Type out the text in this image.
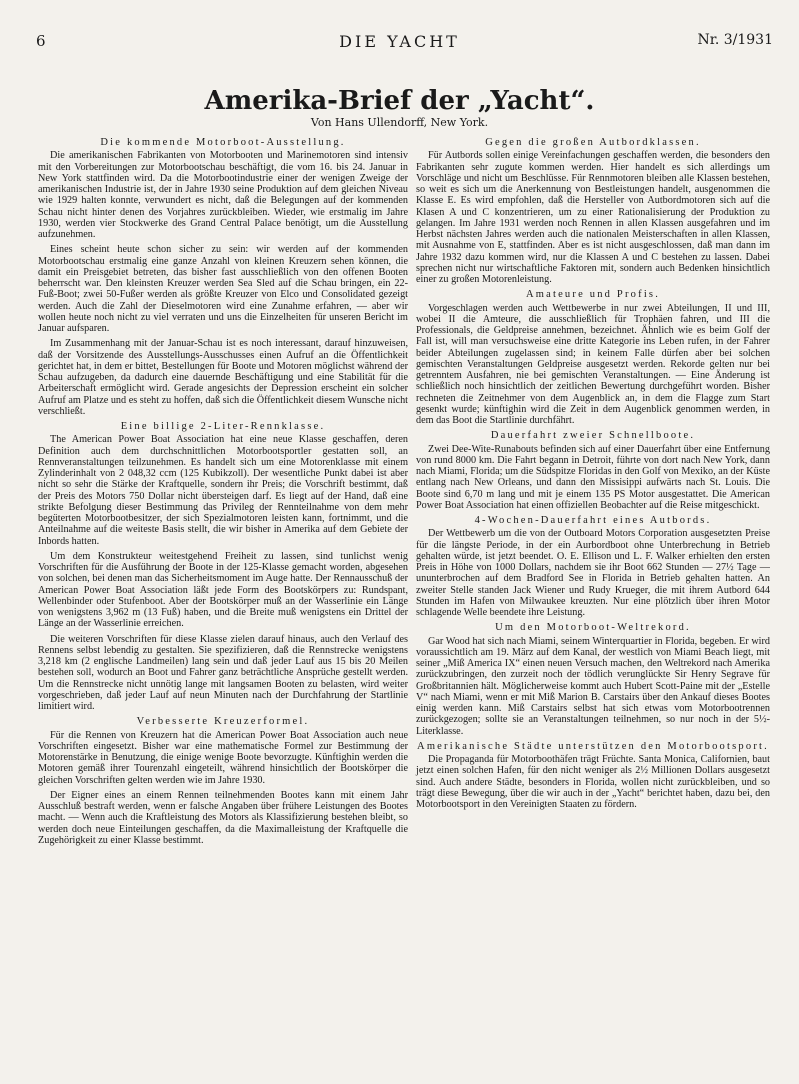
6	DIE YACHT	Nr. 3/1931
Amerika-Brief der „Yacht“.
Von Hans Ullendorff, New York.
Die kommende Motorboot-Ausstellung.

Die amerikanischen Fabrikanten von Motorbooten und Marinemotoren sind intensiv mit den Vorbereitungen zur Motorbootschau beschäftigt, die vom 16. bis 24. Januar in New York stattfinden wird. Da die Motorbootindustrie einer der wenigen Zweige der amerikanischen Industrie ist, der in Jahre 1930 seine Produktion auf dem gleichen Niveau wie 1929 halten konnte, verwundert es nicht, daß die Belegungen auf der kommenden Schau nicht hinter denen des Vorjahres zurückbleiben. Wieder, wie erstmalig im Jahre 1930, werden vier Stockwerke des Grand Central Palace benötigt, um die Ausstellung aufzunehmen.

Eines scheint heute schon sicher zu sein: wir werden auf der kommenden Motorbootschau erstmalig eine ganze Anzahl von kleinen Kreuzern sehen können, die damit ein Preisgebiet betreten, das bisher fast ausschließlich von den offenen Booten beherrscht war. Den kleinsten Kreuzer werden Sea Sled auf die Schau bringen, ein 22-Fuß-Boot; zwei 50-Fußer werden als größte Kreuzer von Elco und Consolidated gezeigt werden. Auch die Zahl der Dieselmotoren wird eine Zunahme erfahren, — aber wir wollen heute noch nicht zu viel verraten und uns die Einzelheiten für unseren Bericht im Januar aufsparen.

Im Zusammenhang mit der Januar-Schau ist es noch interessant, darauf hinzuweisen, daß der Vorsitzende des Ausstellungs-Ausschusses einen Aufruf an die Öffentlichkeit gerichtet hat, in dem er bittet, Bestellungen für Boote und Motoren möglichst während der Schau aufzugeben, da dadurch eine dauernde Beschäftigung und eine Stabilität für die Arbeiterschaft ermöglicht wird. Gerade angesichts der Depression erscheint ein solcher Aufruf am Platze und es steht zu hoffen, daß sich die Öffentlichkeit diesem Wunsche nicht verschließt.

Eine billige 2-Liter-Rennklasse.

The American Power Boat Association hat eine neue Klasse geschaffen, deren Definition auch dem durchschnittlichen Motorbootsportler gestatten soll, an Rennveranstaltungen teilzunehmen. Es handelt sich um eine Motorenklasse mit einem Zylinderinhalt von 2 048,32 ccm (125 Kubikzoll). Der wesentliche Punkt dabei ist aber nicht so sehr die Stärke der Kraftquelle, sondern ihr Preis; die Vorschrift bestimmt, daß der Preis des Motors 750 Dollar nicht übersteigen darf. Es liegt auf der Hand, daß eine strikte Befolgung dieser Bestimmung das Privileg der Rennteilnahme von dem mehr begüterten Motorbootbesitzer, der sich Spezialmotoren leisten kann, fortnimmt, und die Anteilnahme auf die weiteste Basis stellt, die wir bisher in Amerika auf dem Gebiete der Inbords hatten.

Um dem Konstrukteur weitestgehend Freiheit zu lassen, sind tunlichst wenig Vorschriften für die Ausführung der Boote in der 125-Klasse gemacht worden, abgesehen von solchen, bei denen man das Sicherheitsmoment im Auge hatte. Der Rennausschuß der American Power Boat Association läßt jede Form des Bootskörpers zu: Rundspant, Wellenbinder oder Stufenboot. Aber der Bootskörper muß an der Wasserlinie ein Länge von wenigstens 3,962 m (13 Fuß) haben, und die Breite muß wenigstens ein Drittel der Länge an der Wasserlinie erreichen.

Die weiteren Vorschriften für diese Klasse zielen darauf hinaus, auch den Verlauf des Rennens selbst lebendig zu gestalten. Sie spezifizieren, daß die Rennstrecke wenigstens 3,218 km (2 englische Landmeilen) lang sein und daß jeder Lauf aus 15 bis 20 Meilen bestehen soll, wodurch an Boot und Fahrer ganz beträchtliche Ansprüche gestellt werden. Um die Rennstrecke nicht unnötig lange mit langsamen Booten zu belasten, wird weiter vorgeschrieben, daß jeder Lauf auf neun Minuten nach der Durchfahrung der Startlinie limitiert wird.

Verbesserte Kreuzerformel.

Für die Rennen von Kreuzern hat die American Power Boat Association auch neue Vorschriften eingesetzt. Bisher war eine mathematische Formel zur Bestimmung der Motorenstärke in Benutzung, die einige wenige Boote bevorzugte. Künftighin werden die Motoren gemäß ihrer Tourenzahl eingeteilt, während hinsichtlich der Bootskörper die gleichen Vorschriften gelten werden wie im Jahre 1930.

Der Eigner eines an einem Rennen teilnehmenden Bootes kann mit einem Jahr Ausschluß bestraft werden, wenn er falsche Angaben über frühere Leistungen des Bootes macht. — Wenn auch die Kraftleistung des Motors als Klassifizierung bestehen bleibt, so werden doch neue Einteilungen geschaffen, da die Maximalleistung der Kraftquelle die Zugehörigkeit zu einer Klasse bestimmt.

Gegen die großen Autbordklassen.

Für Autbords sollen einige Vereinfachungen geschaffen werden, die besonders den Fabrikanten sehr zugute kommen werden. Hier handelt es sich allerdings um Vorschläge und nicht um Beschlüsse. Für Rennmotoren bleiben alle Klassen bestehen, so weit es sich um die Anerkennung von Bestleistungen handelt, ausgenommen die Klasse E. Es wird empfohlen, daß die Hersteller von Autbordmotoren sich auf die Klasen A und C konzentrieren, um zu einer Rationalisierung der Produktion zu gelangen. Im Jahre 1931 werden noch Rennen in allen Klassen ausgefahren und im Herbst nächsten Jahres werden auch die nationalen Meisterschaften in allen Klassen, mit Ausnahme von E, stattfinden. Aber es ist nicht ausgeschlossen, daß man dann im Jahre 1932 dazu kommen wird, nur die Klassen A und C bestehen zu lassen. Dabei sprechen nicht nur wirtschaftliche Faktoren mit, sondern auch Bedenken hinsichtlich einer zu großen Motorenleistung.

Amateure und Profis.

Vorgeschlagen werden auch Wettbewerbe in nur zwei Abteilungen, II und III, wobei II die Amteure, die ausschließlich für Trophäen fahren, und III die Professionals, die Geldpreise annehmen, bezeichnet. Ähnlich wie es beim Golf der Fall ist, will man versuchsweise eine dritte Kategorie ins Leben rufen, in der Fahrer beider Abteilungen zugelassen sind; in keinem Falle dürfen aber bei solchen gemischten Veranstaltungen Geldpreise ausgesetzt werden. Rekorde gelten nur bei getrenntem Ausfahren, nie bei gemischten Veranstaltungen. — Eine Änderung ist schließlich noch hinsichtlich der zeitlichen Bewertung durchgeführt worden. Bisher rechneten die Zeitnehmer von dem Augenblick an, in dem die Flagge zum Start gesenkt wurde; künftighin wird die Zeit in dem Augenblick genommen werden, in dem das Boot die Startlinie durchfährt.

Dauerfahrt zweier Schnellboote.

Zwei Dee-Wite-Runabouts befinden sich auf einer Dauerfahrt über eine Entfernung von rund 8000 km. Die Fahrt begann in Detroit, führte von dort nach New York, dann nach Miami, Florida; um die Südspitze Floridas in den Golf von Mexiko, an der Küste entlang nach New Orleans, und dann den Missisippi aufwärts nach St. Louis. Die Boote sind 6,70 m lang und mit je einem 135 PS Motor ausgestattet. Die American Power Boat Association hat einen offiziellen Beobachter auf die Reise mitgeschickt.

4-Wochen-Dauerfahrt eines Autbords.

Der Wettbewerb um die von der Outboard Motors Corporation ausgesetzten Preise für die längste Periode, in der ein Aurbordboot ohne Unterbrechung in Betrieb gehalten würde, ist jetzt beendet. O. E. Ellison und L. F. Walker erhielten den ersten Preis in Höhe von 1000 Dollars, nachdem sie ihr Boot 662 Stunden — 27½ Tage — ununterbrochen auf dem Bradford See in Florida in Betrieb gehalten hatten. An zweiter Stelle standen Jack Wiener und Rudy Krueger, die mit ihrem Autbord 644 Stunden im Hafen von Milwaukee kreuzten. Nur eine plötzlich über ihren Motor schlagende Welle beendete ihre Leistung.

Um den Motorboot-Weltrekord.

Gar Wood hat sich nach Miami, seinem Winterquartier in Florida, begeben. Er wird voraussichtlich am 19. März auf dem Kanal, der westlich von Miami Beach liegt, mit seiner „Miß America IX“ einen neuen Versuch machen, den Weltrekord nach Amerika zurückzubringen, den zurzeit noch der tödlich verunglückte Sir Henry Segrave für Großbritannien hält. Möglicherweise kommt auch Hubert Scott-Paine mit der „Estelle V“ nach Miami, wenn er mit Miß Marion B. Carstairs über den Ankauf dieses Bootes einig werden kann. Miß Carstairs selbst hat sich etwas vom Motorbootrennen zurückgezogen; sollte sie an Veranstaltungen teilnehmen, so nur noch in der 5½-Literklasse.

Amerikanische Städte unterstützen den Motorbootsport.

Die Propaganda für Motorboothäfen trägt Früchte. Santa Monica, Californien, baut jetzt einen solchen Hafen, für den nicht weniger als 2½ Millionen Dollars ausgesetzt sind. Auch andere Städte, besonders in Florida, wollen nicht zurückbleiben, und so trägt diese Bewegung, über die wir auch in der „Yacht“ berichtet haben, dazu bei, den Motorbootsport in den Vereinigten Staaten zu fördern.
